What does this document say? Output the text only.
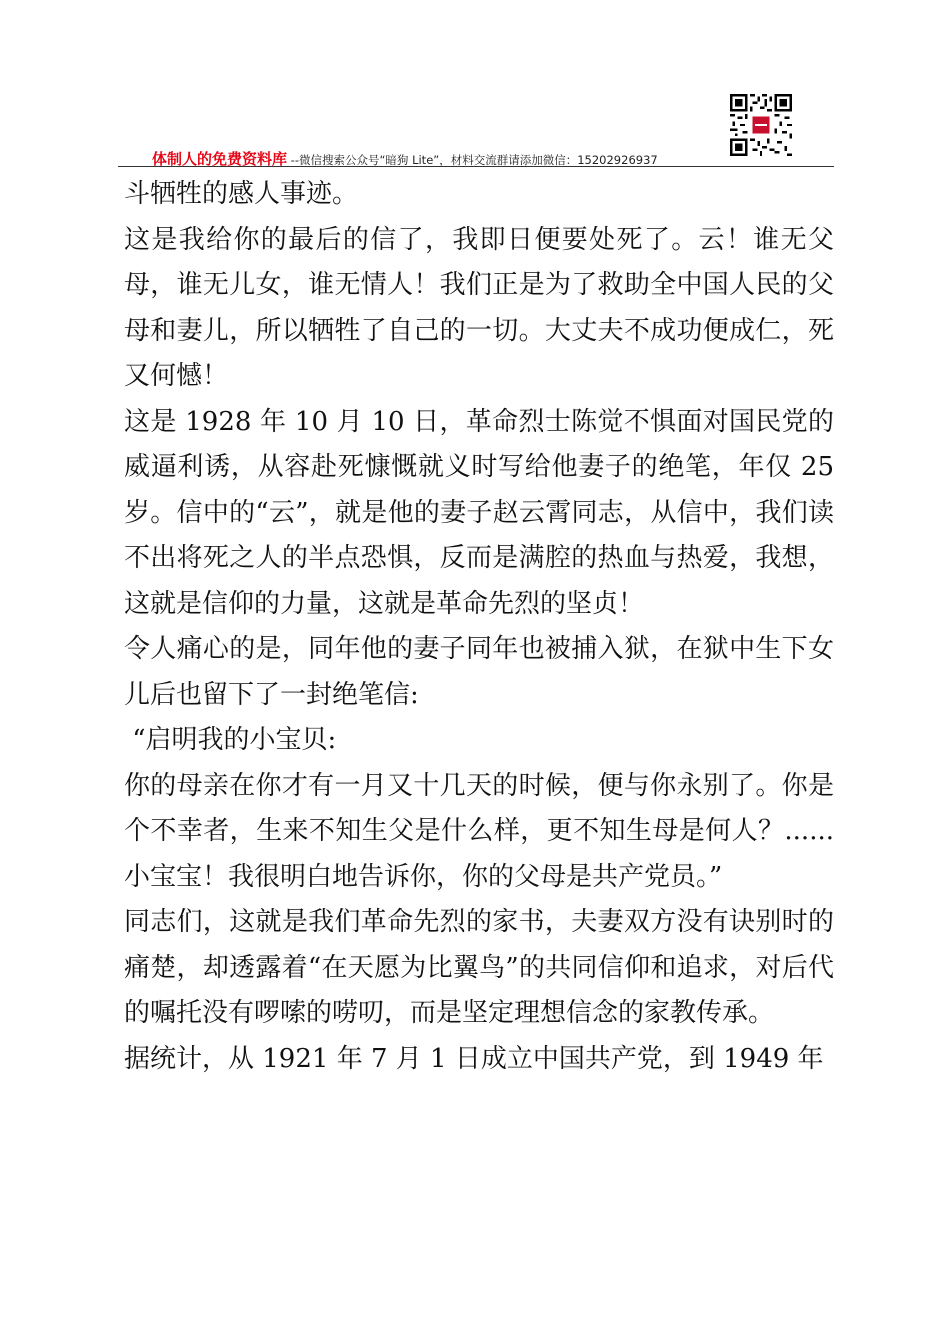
体制人的免费资料库 --微信搜索公众号“暗狗 Lite”，材料交流群请添加微信：15202926937

斗牺牲的感人事迹。

这是我给你的最后的信了，我即日便要处死了。云！谁无父母，谁无儿女，谁无情人！我们正是为了救助全中国人民的父母和妻儿，所以牺牲了自己的一切。大丈夫不成功便成仁，死又何憾！

这是 1928 年 10 月 10 日，革命烈士陈觉不惧面对国民党的威逼利诱，从容赴死慷慨就义时写给他妻子的绝笔，年仅 25 岁。信中的“云”，就是他的妻子赵云霄同志，从信中，我们读不出将死之人的半点恐惧，反而是满腔的热血与热爱，我想，这就是信仰的力量，这就是革命先烈的坚贞！

令人痛心的是，同年他的妻子同年也被捕入狱，在狱中生下女儿后也留下了一封绝笔信:

“启明我的小宝贝:

你的母亲在你才有一月又十几天的时候，便与你永别了。你是个不幸者，生来不知生父是什么样，更不知生母是何人？......小宝宝！我很明白地告诉你，你的父母是共产党员。”

同志们，这就是我们革命先烈的家书，夫妻双方没有诀别时的痛楚，却透露着“在天愿为比翼鸟”的共同信仰和追求，对后代的嘱托没有啰嗦的唠叨，而是坚定理想信念的家教传承。

据统计，从 1921 年 7 月 1 日成立中国共产党，到 1949 年
